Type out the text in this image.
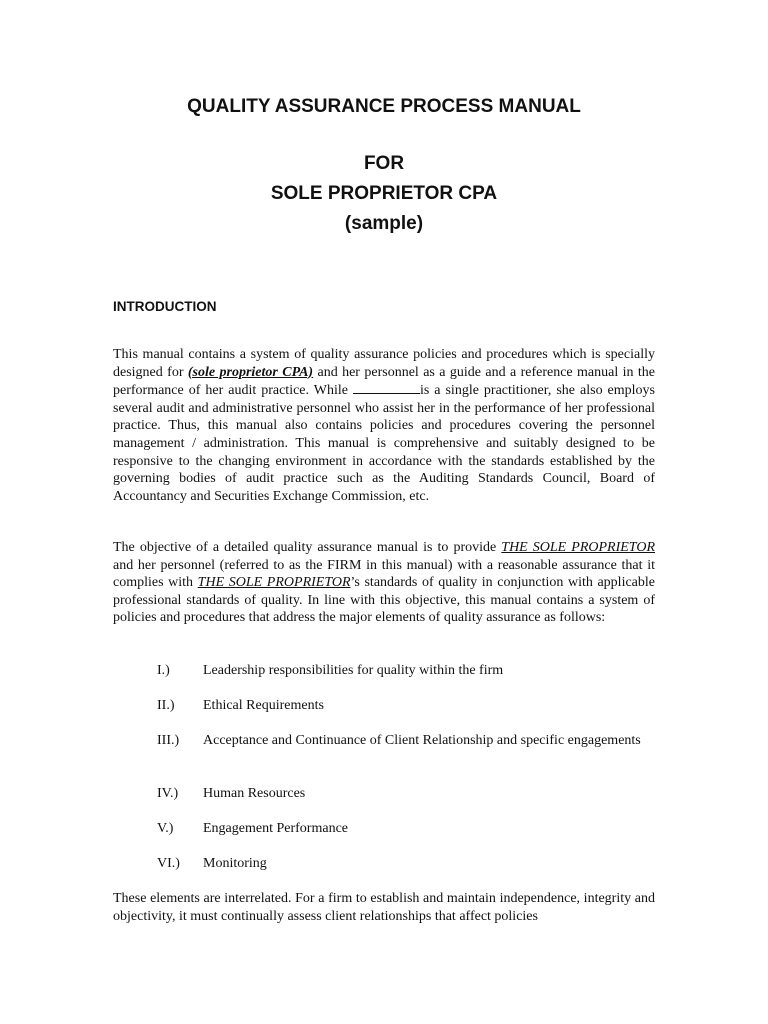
QUALITY ASSURANCE PROCESS MANUAL
FOR
SOLE PROPRIETOR CPA
(sample)
INTRODUCTION

This manual contains a system of quality assurance policies and procedures which is specially designed for (sole proprietor CPA) and her personnel as a guide and a reference manual in the performance of her audit practice. While	is a single practitioner, she also employs several audit and administrative personnel who assist her in the performance of her professional practice. Thus, this manual also contains policies and procedures covering the personnel management / administration. This manual is comprehensive and suitably designed to be responsive to the changing environment in accordance with the standards established by the governing bodies of audit practice such as the Auditing Standards Council, Board of Accountancy and Securities Exchange Commission, etc.

The objective of a detailed quality assurance manual is to provide THE SOLE PROPRIETOR and her personnel (referred to as the FIRM in this manual) with a reasonable assurance that it complies with THE SOLE PROPRIETOR’s standards of quality in conjunction with applicable professional standards of quality. In line with this objective, this manual contains a system of policies and procedures that address the major elements of quality assurance as follows:

I.) Leadership responsibilities for quality within the firm
II.) Ethical Requirements
III.) Acceptance and Continuance of Client Relationship and specific engagements
IV.) Human Resources
V.) Engagement Performance
VI.) Monitoring

These elements are interrelated. For a firm to establish and maintain independence, integrity and objectivity, it must continually assess client relationships that affect policies
